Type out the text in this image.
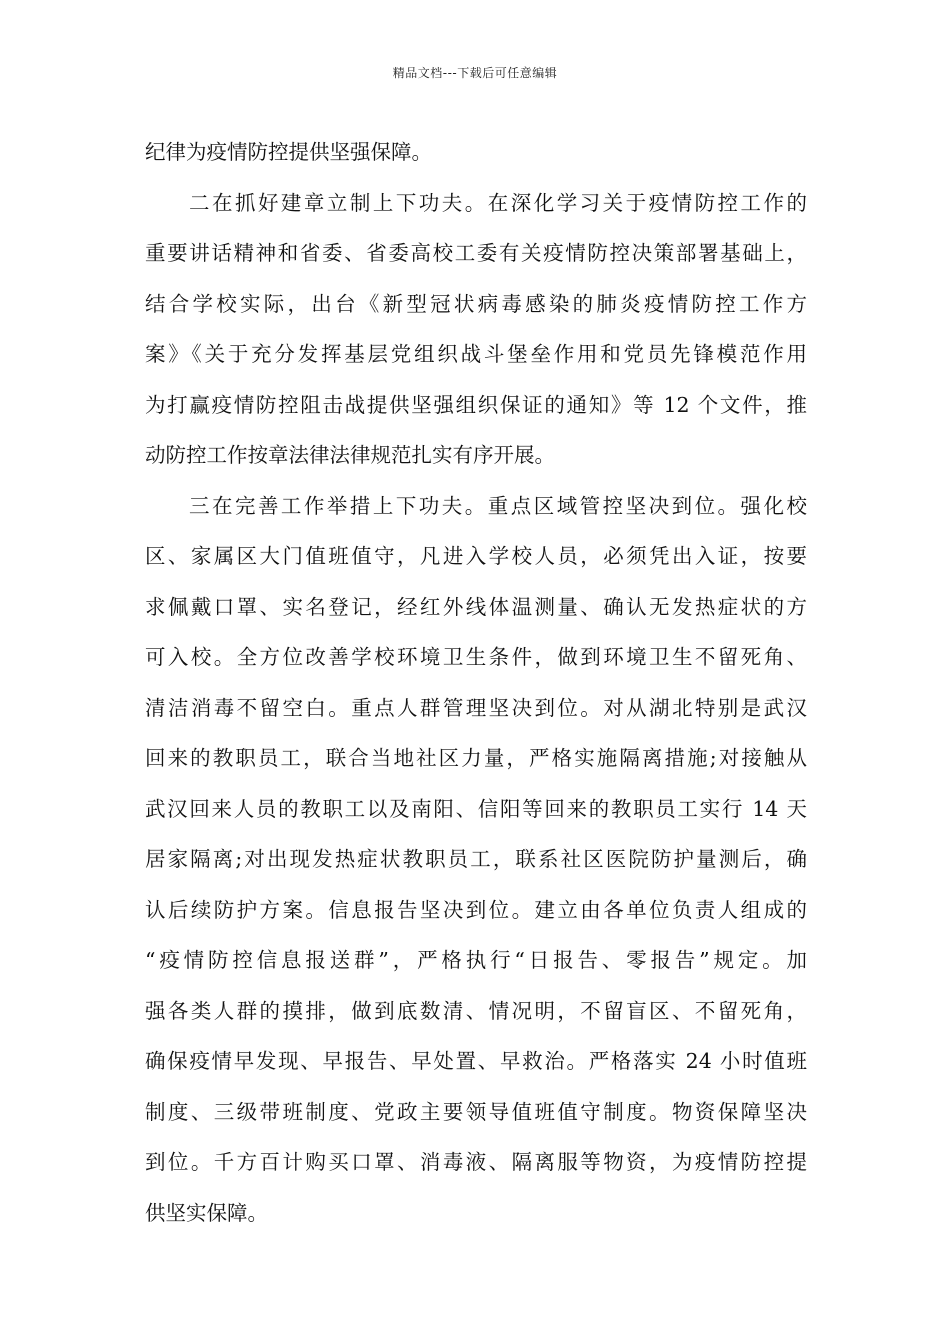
精品文档---下载后可任意编辑
纪律为疫情防控提供坚强保障。
二在抓好建章立制上下功夫。在深化学习关于疫情防控工作的
重要讲话精神和省委、省委高校工委有关疫情防控决策部署基础上，
结合学校实际，出台《新型冠状病毒感染的肺炎疫情防控工作方
案》《关于充分发挥基层党组织战斗堡垒作用和党员先锋模范作用
为打赢疫情防控阻击战提供坚强组织保证的通知》等 12 个文件，推
动防控工作按章法律法律规范扎实有序开展。
三在完善工作举措上下功夫。重点区域管控坚决到位。强化校
区、家属区大门值班值守，凡进入学校人员，必须凭出入证，按要
求佩戴口罩、实名登记，经红外线体温测量、确认无发热症状的方
可入校。全方位改善学校环境卫生条件，做到环境卫生不留死角、
清洁消毒不留空白。重点人群管理坚决到位。对从湖北特别是武汉
回来的教职员工，联合当地社区力量，严格实施隔离措施;对接触从
武汉回来人员的教职工以及南阳、信阳等回来的教职员工实行 14 天
居家隔离;对出现发热症状教职员工，联系社区医院防护量测后，确
认后续防护方案。信息报告坚决到位。建立由各单位负责人组成的
“疫情防控信息报送群”，严格执行“日报告、零报告”规定。加
强各类人群的摸排，做到底数清、情况明，不留盲区、不留死角，
确保疫情早发现、早报告、早处置、早救治。严格落实 24 小时值班
制度、三级带班制度、党政主要领导值班值守制度。物资保障坚决
到位。千方百计购买口罩、消毒液、隔离服等物资，为疫情防控提
供坚实保障。
